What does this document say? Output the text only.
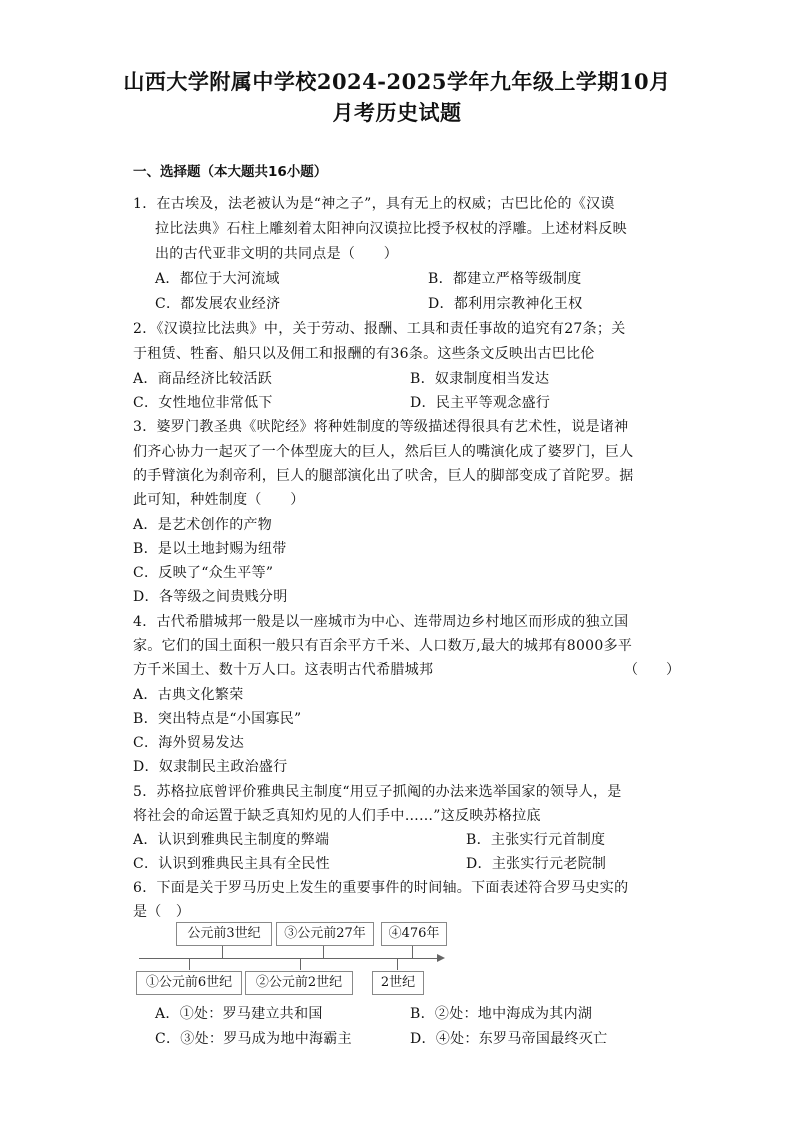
山西大学附属中学校2024-2025学年九年级上学期10月
月考历史试题
一、选择题（本大题共16小题）
1．在古埃及，法老被认为是“神之子”，具有无上的权威；古巴比伦的《汉谟
拉比法典》石柱上雕刻着太阳神向汉谟拉比授予权杖的浮雕。上述材料反映
出的古代亚非文明的共同点是（　　）
A．都位于大河流域	B．都建立严格等级制度
C．都发展农业经济	D．都利用宗教神化王权
2．《汉谟拉比法典》中，关于劳动、报酬、工具和责任事故的追究有27条；关
于租赁、牲畜、船只以及佣工和报酬的有36条。这些条文反映出古巴比伦
A．商品经济比较活跃	B．奴隶制度相当发达
C．女性地位非常低下	D．民主平等观念盛行
3．婆罗门教圣典《吠陀经》将种姓制度的等级描述得很具有艺术性，说是诸神
们齐心协力一起灭了一个体型庞大的巨人，然后巨人的嘴演化成了婆罗门，巨人
的手臂演化为刹帝利，巨人的腿部演化出了吠舍，巨人的脚部变成了首陀罗。据
此可知，种姓制度（　　）
A．是艺术创作的产物
B．是以土地封赐为纽带
C．反映了“众生平等”
D．各等级之间贵贱分明
4．古代希腊城邦一般是以一座城市为中心、连带周边乡村地区而形成的独立国
家。它们的国土面积一般只有百余平方千米、人口数万,最大的城邦有8000多平
方千米国土、数十万人口。这表明古代希腊城邦	（　　）
A．古典文化繁荣
B．突出特点是“小国寡民”
C．海外贸易发达
D．奴隶制民主政治盛行
5．苏格拉底曾评价雅典民主制度“用豆子抓阄的办法来选举国家的领导人，是
将社会的命运置于缺乏真知灼见的人们手中……”这反映苏格拉底
A．认识到雅典民主制度的弊端	B．主张实行元首制度
C．认识到雅典民主具有全民性	D．主张实行元老院制
6．下面是关于罗马历史上发生的重要事件的时间轴。下面表述符合罗马史实的
是（　）
公元前3世纪	③公元前27年	④476年
①公元前6世纪	②公元前2世纪	2世纪
A．①处：罗马建立共和国	B．②处：地中海成为其内湖
C．③处：罗马成为地中海霸主	D．④处：东罗马帝国最终灭亡
